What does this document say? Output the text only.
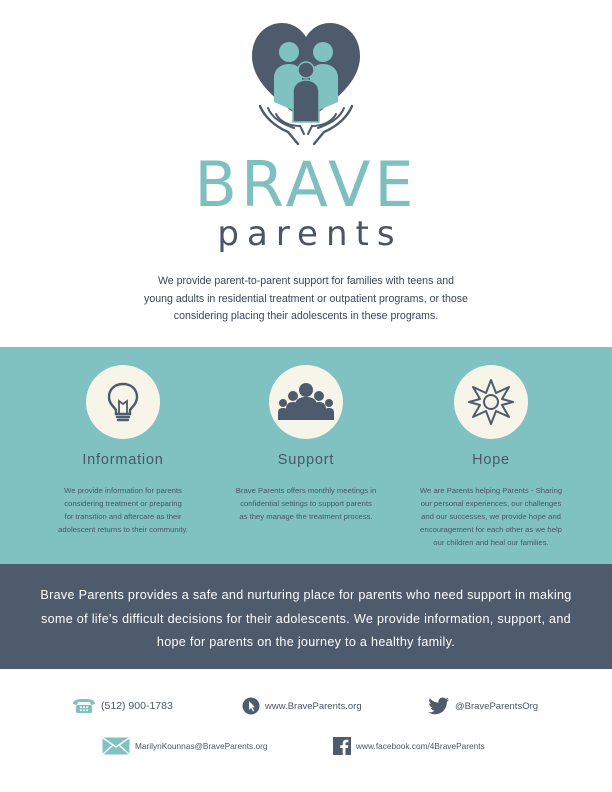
BRAVE
parents
We provide parent-to-parent support for families with teens and
young adults in residential treatment or outpatient programs, or those
considering placing their adolescents in these programs.
Information
We provide information for parents
considering treatment or preparing
for transition and aftercare as their
adolescent returns to their community.
Support
Brave Parents offers monthly meetings in
confidential settings to support parents
as they manage the treatment process.
Hope
We are Parents helping Parents - Sharing
our personal experiences, our challenges
and our successes, we provide hope and
encouragement for each other as we help
our children and heal our families.
Brave Parents provides a safe and nurturing place for parents who need support in making
some of life's difficult decisions for their adolescents. We provide information, support, and
hope for parents on the journey to a healthy family.
(512) 900-1783	www.BraveParents.org	@BraveParentsOrg
MarilynKounnas@BraveParents.org	www.facebook.com/4BraveParents
